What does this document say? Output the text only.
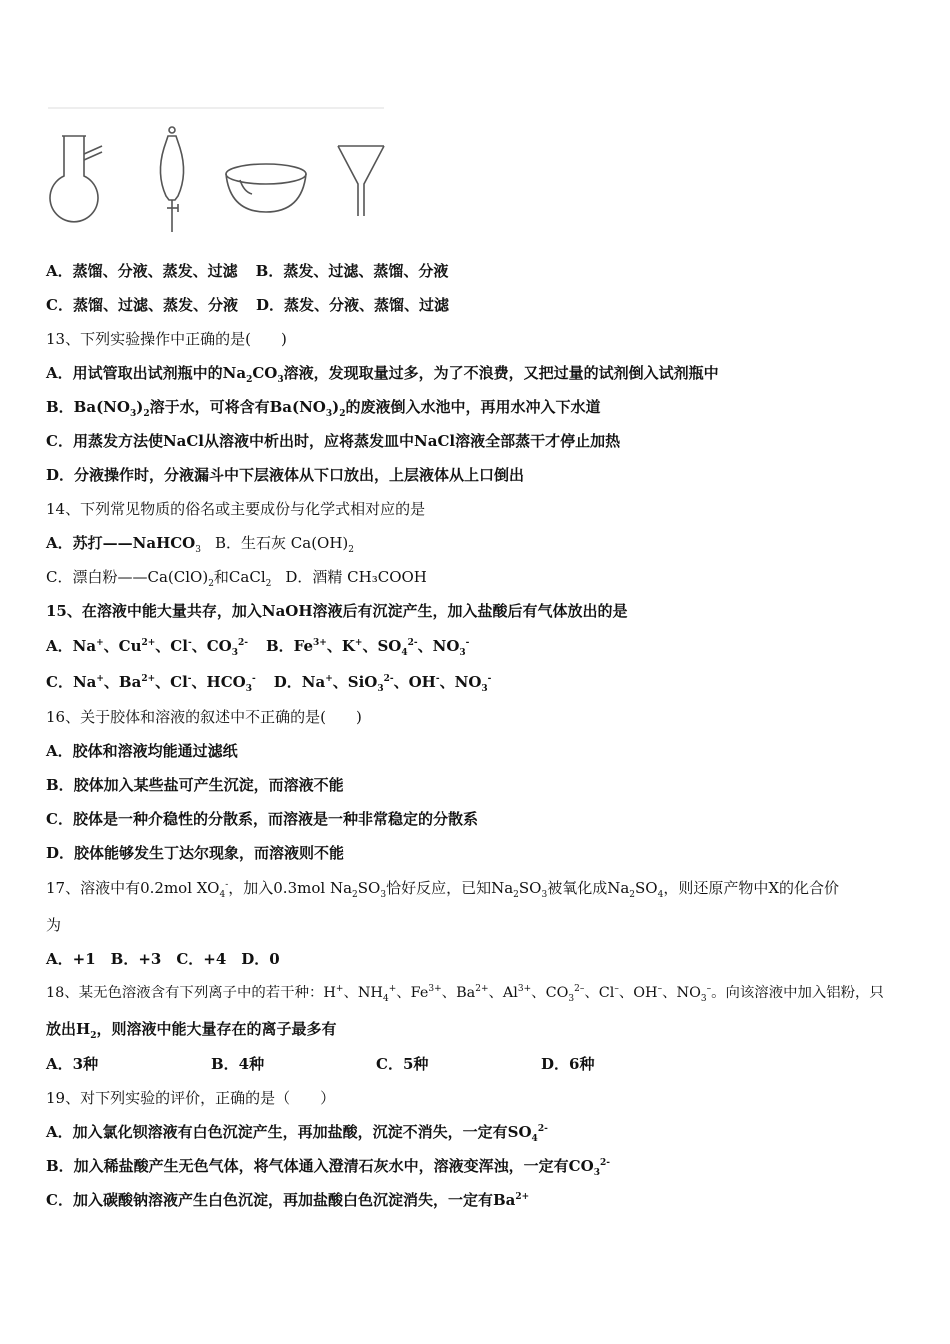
A．蒸馏、分液、蒸发、过滤 B．蒸发、过滤、蒸馏、分液
C．蒸馏、过滤、蒸发、分液 D．蒸发、分液、蒸馏、过滤
13、下列实验操作中正确的是(　　)
A．用试管取出试剂瓶中的$Na_2CO_3$溶液，发现取量过多，为了不浪费，又把过量的试剂倒入试剂瓶中
B．$Ba(NO_3)_2$溶于水，可将含有$Ba(NO_3)_2$的废液倒入水池中，再用水冲入下水道
C．用蒸发方法使NaCl从溶液中析出时，应将蒸发皿中NaCl溶液全部蒸干才停止加热
D．分液操作时，分液漏斗中下层液体从下口放出，上层液体从上口倒出
14、下列常见物质的俗名或主要成份与化学式相对应的是
A．苏打——NaHCO$_3$ B．生石灰 $Ca(OH)_2$
C．漂白粉$——Ca(ClO)_2$和CaCl$_2$ D．酒精 CH₃COOH
15、在溶液中能大量共存，加入NaOH溶液后有沉淀产生，加入盐酸后有气体放出的是
A．Na+、$Cu^{2+}$、Cl-、$CO_3^{2-}$ B．$Fe^{3+}$、K+、$SO_4^{2-}$、$NO_3^-$
C．Na+、$Ba^{2+}$、Cl-、$HCO_3^-$ D．Na+、SiO$_3^{2-}$、OH-、$NO_3^-$
16、关于胶体和溶液的叙述中不正确的是(　　)
A．胶体和溶液均能通过滤纸
B．胶体加入某些盐可产生沉淀，而溶液不能
C．胶体是一种介稳性的分散系，而溶液是一种非常稳定的分散系
D．胶体能够发生丁达尔现象，而溶液则不能
17、溶液中有0.2mol $XO_4^-$，加入0.3mol $Na_2SO_3$恰好反应，已知$Na_2SO_3$被氧化成$Na_2SO_4$，则还原产物中X的化合价
为
A．+1　B．+3　C．+4　D．0
18、某无色溶液含有下列离子中的若干种：H+、$NH_4^+$、$Fe^{3+}$、$Ba^{2+}$、$Al^{3+}$、$CO_3^{2-}$、Cl–、OH–、$NO_3^-$。向该溶液中加入铝粉，只
放出$H_2$，则溶液中能大量存在的离子最多有
A．3种	B．4种	C．5种	D．6种
19、对下列实验的评价，正确的是（　　）
A．加入氯化钡溶液有白色沉淀产生，再加盐酸，沉淀不消失，一定有$SO_4^{2-}$
B．加入稀盐酸产生无色气体，将气体通入澄清石灰水中，溶液变浑浊，一定有$CO_3^{2-}$
C．加入碳酸钠溶液产生白色沉淀，再加盐酸白色沉淀消失，一定有$Ba^{2+}$
